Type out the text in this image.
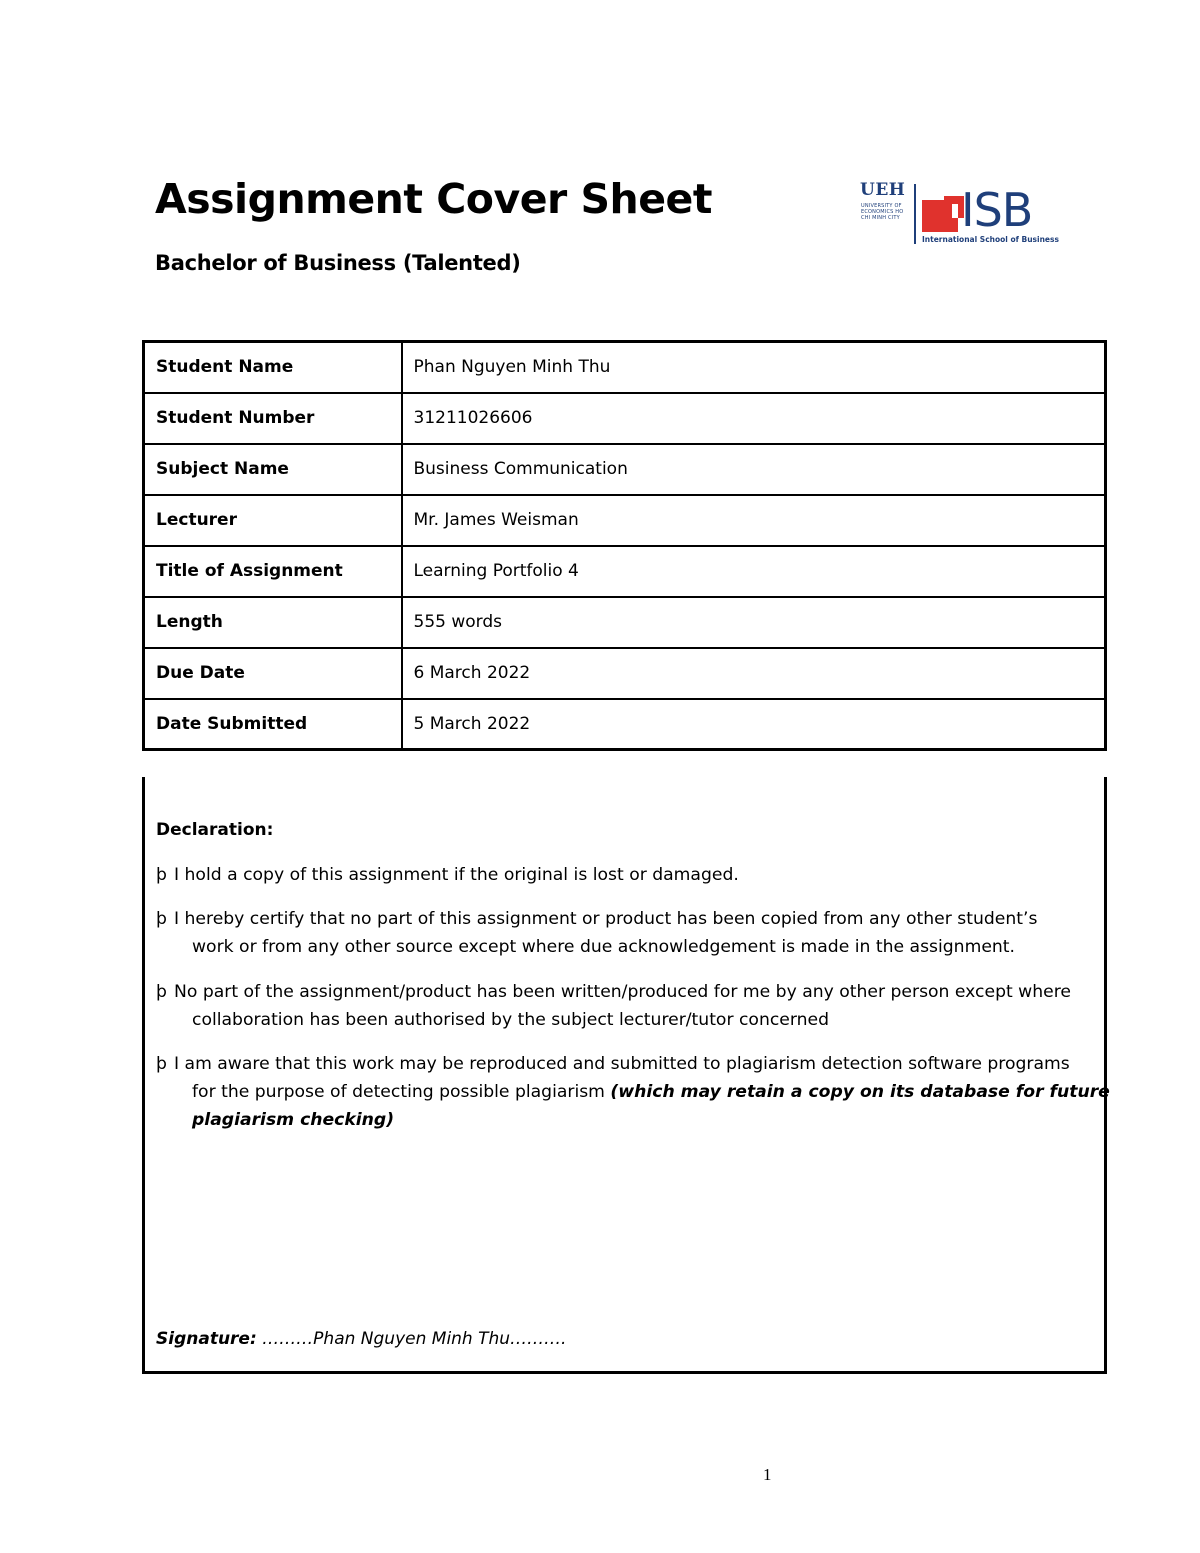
Assignment Cover Sheet
Bachelor of Business (Talented)
UEH
UNIVERSITY OF ECONOMICS HO CHI MINH CITY ISB
International School of Business
Student Name	Phan Nguyen Minh Thu
Student Number	31211026606
Subject Name	Business Communication
Lecturer	Mr. James Weisman
Title of Assignment	Learning Portfolio 4
Length	555 words
Due Date	6 March 2022
Date Submitted	5 March 2022

Declaration:

þ I hold a copy of this assignment if the original is lost or damaged.
þ I hereby certify that no part of this assignment or product has been copied from any other student’s
work or from any other source except where due acknowledgement is made in the assignment.
þ No part of the assignment/product has been written/produced for me by any other person except where
collaboration has been authorised by the subject lecturer/tutor concerned
þ I am aware that this work may be reproduced and submitted to plagiarism detection software programs
for the purpose of detecting possible plagiarism (which may retain a copy on its database for future
plagiarism checking)
Signature: ………Phan Nguyen Minh Thu……….
1
